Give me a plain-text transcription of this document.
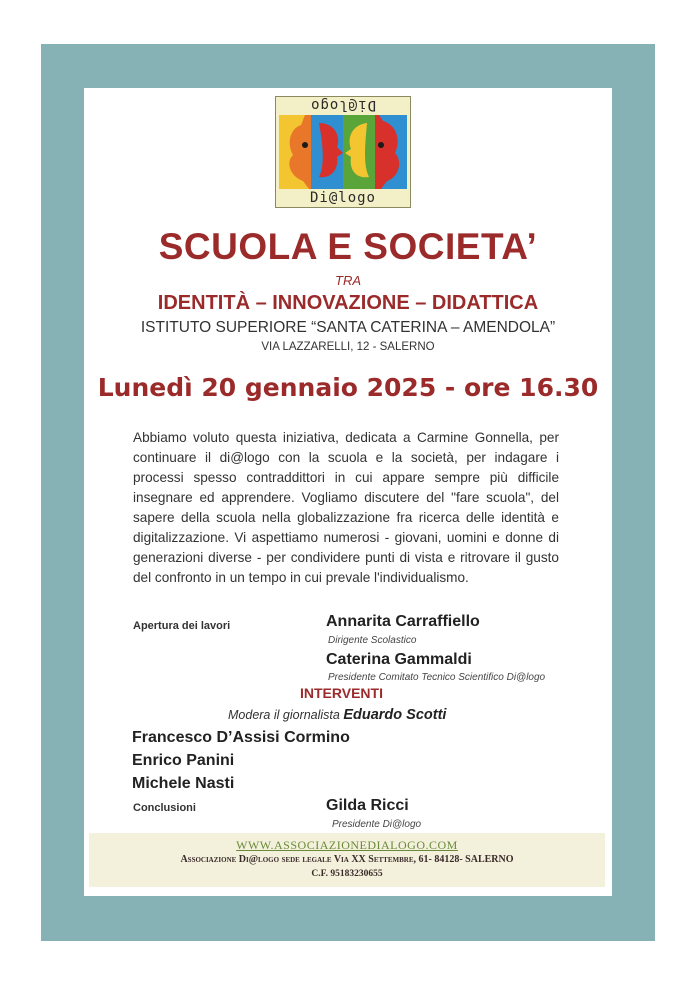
Di@logo
Di@logo
SCUOLA E SOCIETA’
TRA
IDENTITÀ – INNOVAZIONE – DIDATTICA
ISTITUTO SUPERIORE “SANTA CATERINA – AMENDOLA”
VIA LAZZARELLI, 12 - SALERNO
Lunedì 20 gennaio 2025 - ore 16.30
Abbiamo voluto questa iniziativa, dedicata a Carmine Gonnella, per continuare il di@logo con la scuola e la società, per indagare i processi spesso contraddittori in cui appare sempre più difficile insegnare ed apprendere. Vogliamo discutere del "fare scuola", del sapere della scuola nella globalizzazione fra ricerca delle identità e digitalizzazione. Vi aspettiamo numerosi - giovani, uomini e donne di generazioni diverse - per condividere punti di vista e ritrovare il gusto del confronto in un tempo in cui prevale l'individualismo.
Apertura dei lavori	Annarita Carraffiello
Dirigente Scolastico
Caterina Gammaldi
Presidente Comitato Tecnico Scientifico Di@logo
INTERVENTI
Modera il giornalista Eduardo Scotti
Francesco D’Assisi Cormino
Enrico Panini
Michele Nasti
Conclusioni	Gilda Ricci
Presidente Di@logo
WWW.ASSOCIAZIONEDIALOGO.COM
Associazione Di@logo sede legale Via XX Settembre, 61- 84128- SALERNO
C.F. 95183230655
